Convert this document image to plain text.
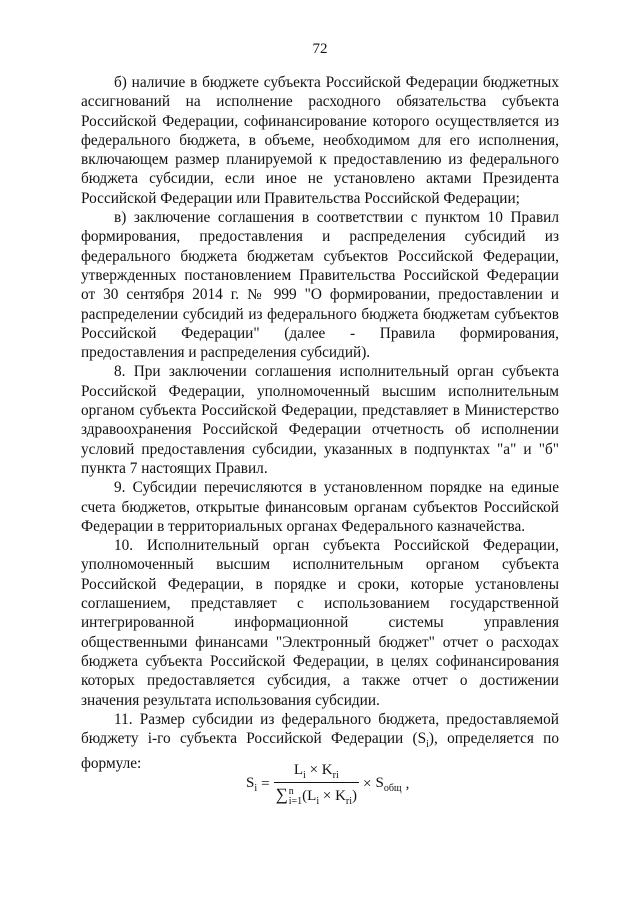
72

б) наличие в бюджете субъекта Российской Федерации бюджетных ассигнований на исполнение расходного обязательства субъекта Российской Федерации, софинансирование которого осуществляется из федерального бюджета, в объеме, необходимом для его исполнения, включающем размер планируемой к предоставлению из федерального бюджета субсидии, если иное не установлено актами Президента Российской Федерации или Правительства Российской Федерации;

в) заключение соглашения в соответствии с пунктом 10 Правил формирования, предоставления и распределения субсидий из федерального бюджета бюджетам субъектов Российской Федерации, утвержденных постановлением Правительства Российской Федерации от 30 сентября 2014 г. № 999 "О формировании, предоставлении и распределении субсидий из федерального бюджета бюджетам субъектов Российской Федерации" (далее - Правила формирования, предоставления и распределения субсидий).

8. При заключении соглашения исполнительный орган субъекта Российской Федерации, уполномоченный высшим исполнительным органом субъекта Российской Федерации, представляет в Министерство здравоохранения Российской Федерации отчетность об исполнении условий предоставления субсидии, указанных в подпунктах "а" и "б" пункта 7 настоящих Правил.

9. Субсидии перечисляются в установленном порядке на единые счета бюджетов, открытые финансовым органам субъектов Российской Федерации в территориальных органах Федерального казначейства.

10. Исполнительный орган субъекта Российской Федерации, уполномоченный высшим исполнительным органом субъекта Российской Федерации, в порядке и сроки, которые установлены соглашением, представляет с использованием государственной интегрированной информационной системы управления общественными финансами "Электронный бюджет" отчет о расходах бюджета субъекта Российской Федерации, в целях софинансирования которых предоставляется субсидия, а также отчет о достижении значения результата использования субсидии.

11. Размер субсидии из федерального бюджета, предоставляемой бюджету i-го субъекта Российской Федерации $(S_i)$, определяется по формуле:

$S_i = L_i \times K_{ri}$
∑ n
i=1 $(L_i \times K_{ri}) \times S_{общ}$ ,
